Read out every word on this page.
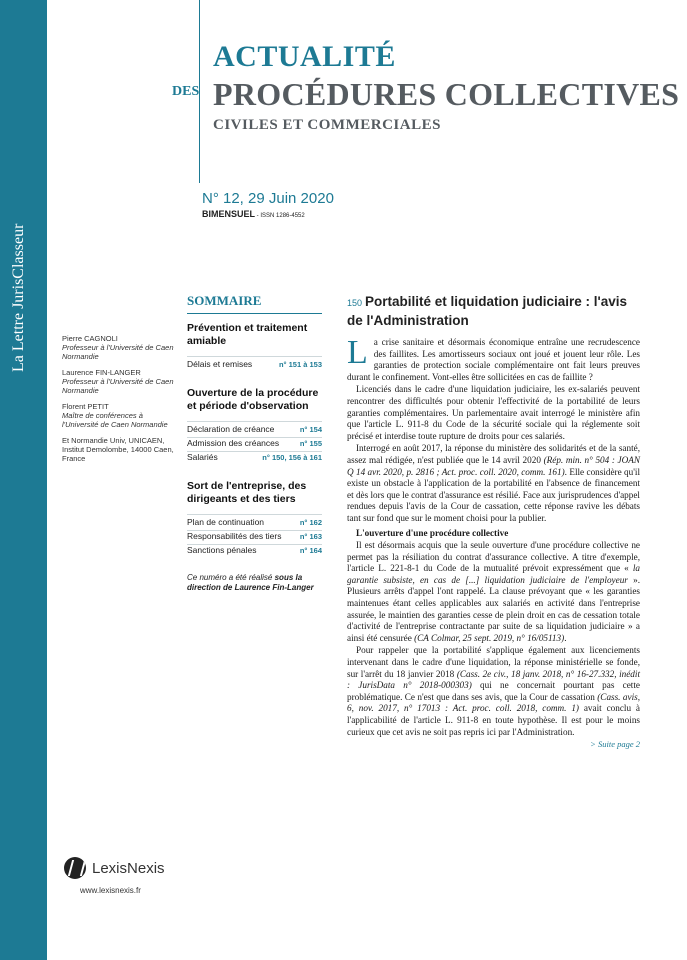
La Lettre JurisClasseur
ACTUALITÉ
DES PROCÉDURES COLLECTIVES
CIVILES ET COMMERCIALES
N° 12, 29 Juin 2020
BIMENSUEL - ISSN 1286-4552
Pierre CAGNOLI
Professeur à l'Université de Caen Normandie
Laurence FIN-LANGER
Professeur à l'Université de Caen Normandie
Florent PETIT
Maître de conférences à l'Université de Caen Normandie
Et Normandie Univ, UNICAEN, Institut Demolombe, 14000 Caen, France
SOMMAIRE
Prévention et traitement amiable
Délais et remises	n° 151 à 153
Ouverture de la procédure et période d'observation
Déclaration de créance	n° 154
Admission des créances	n° 155
Salariés	n° 150, 156 à 161
Sort de l'entreprise, des dirigeants et des tiers
Plan de continuation	n° 162
Responsabilités des tiers n° 163
Sanctions pénales	n° 164
Ce numéro a été réalisé sous la direction de Laurence Fin-Langer
150 Portabilité et liquidation judiciaire : l'avis de l'Administration

La crise sanitaire et désormais économique entraîne une recrudescence des faillites. Les amortisseurs sociaux ont joué et jouent leur rôle. Les garanties de protection sociale complémentaire ont fait leurs preuves durant le confinement. Vont-elles être sollicitées en cas de faillite ?

Licenciés dans le cadre d'une liquidation judiciaire, les ex-salariés peuvent rencontrer des difficultés pour obtenir l'effectivité de la portabilité de leurs garanties complémentaires. Un parlementaire avait interrogé le ministère afin que l'article L. 911-8 du Code de la sécurité sociale qui la réglemente soit précisé et interdise toute rupture de droits pour ces salariés.

Interrogé en août 2017, la réponse du ministère des solidarités et de la santé, assez mal rédigée, n'est publiée que le 14 avril 2020 (Rép. min. n° 504 : JOAN Q 14 avr. 2020, p. 2816 ; Act. proc. coll. 2020, comm. 161). Elle considère qu'il existe un obstacle à l'application de la portabilité en l'absence de financement et dès lors que le contrat d'assurance est résilié. Face aux jurisprudences d'appel rendues depuis l'avis de la Cour de cassation, cette réponse ravive les débats tant sur fond que sur le moment choisi pour la publier.

L'ouverture d'une procédure collective

Il est désormais acquis que la seule ouverture d'une procédure collective ne permet pas la résiliation du contrat d'assurance collective. A titre d'exemple, l'article L. 221-8-1 du Code de la mutualité prévoit expressément que « la garantie subsiste, en cas de [...] liquidation judiciaire de l'employeur ». Plusieurs arrêts d'appel l'ont rappelé. La clause prévoyant que « les garanties maintenues étant celles applicables aux salariés en activité dans l'entreprise assurée, le maintien des garanties cesse de plein droit en cas de cessation totale d'activité de l'entreprise contractante par suite de sa liquidation judiciaire » a ainsi été censurée (CA Colmar, 25 sept. 2019, n° 16/05113).

Pour rappeler que la portabilité s'applique également aux licenciements intervenant dans le cadre d'une liquidation, la réponse ministérielle se fonde, sur l'arrêt du 18 janvier 2018 (Cass. 2e civ., 18 janv. 2018, n° 16-27.332, inédit : JurisData n° 2018-000303) qui ne concernait pourtant pas cette problématique. Ce n'est que dans ses avis, que la Cour de cassation (Cass. avis, 6, nov. 2017, n° 17013 : Act. proc. coll. 2018, comm. 1) avait conclu à l'applicabilité de l'article L. 911-8 en toute hypothèse. Il est pour le moins curieux que cet avis ne soit pas repris ici par l'Administration.

> Suite page 2
LexisNexis
www.lexisnexis.fr
